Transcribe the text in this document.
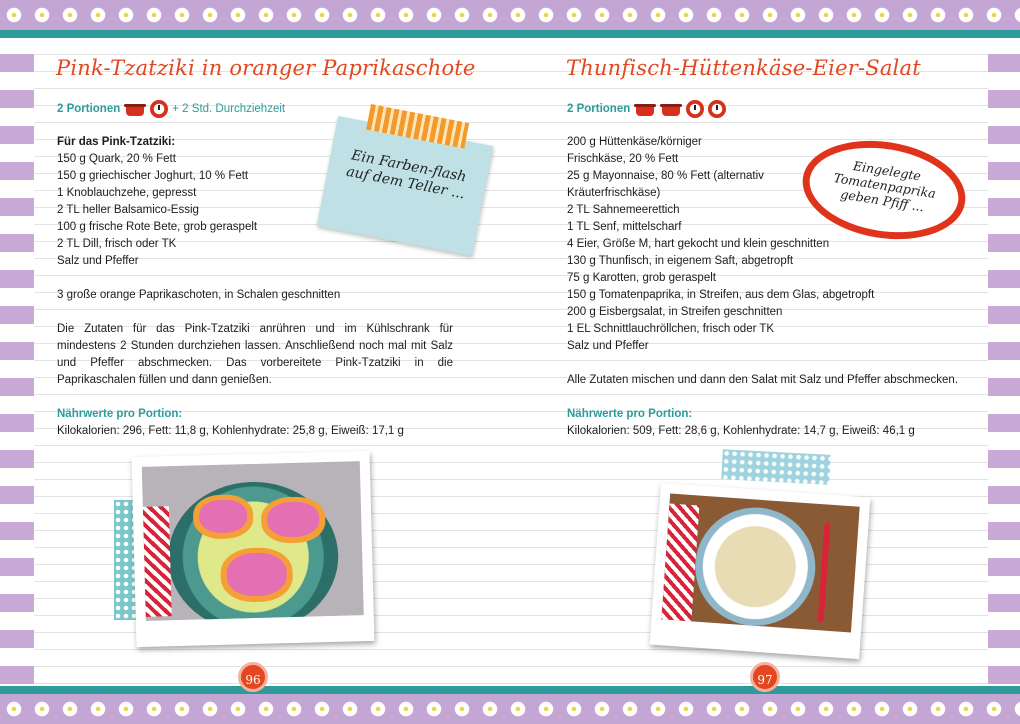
Pink-Tzatziki in oranger Paprikaschote
2 Portionen	+ 2 Std. Durchziehzeit
Für das Pink-Tzatziki:
150 g Quark, 20 % Fett
150 g griechischer Joghurt, 10 % Fett
1 Knoblauchzehe, gepresst
2 TL heller Balsamico-Essig
100 g frische Rote Bete, grob geraspelt
2 TL Dill, frisch oder TK
Salz und Pfeffer
3 große orange Paprikaschoten, in Schalen geschnitten
Die Zutaten für das Pink-Tzatziki anrühren und im Kühlschrank für mindestens 2 Stunden durchziehen lassen. Anschließend noch mal mit Salz und Pfeffer abschmecken. Das vorbereitete Pink-Tzatziki in die Paprikaschalen füllen und dann genießen.
Nährwerte pro Portion:
Kilokalorien: 296, Fett: 11,8 g, Kohlenhydrate: 25,8 g, Eiweiß: 17,1 g
Ein Farben-flash auf dem Teller ...
96
Thunfisch-Hüttenkäse-Eier-Salat
2 Portionen
200 g Hüttenkäse/körniger
Frischkäse, 20 % Fett
25 g Mayonnaise, 80 % Fett (alternativ
Kräuterfrischkäse)
2 TL Sahnemeerettich
1 TL Senf, mittelscharf
4 Eier, Größe M, hart gekocht und klein geschnitten
130 g Thunfisch, in eigenem Saft, abgetropft
75 g Karotten, grob geraspelt
150 g Tomatenpaprika, in Streifen, aus dem Glas, abgetropft
200 g Eisbergsalat, in Streifen geschnitten
1 EL Schnittlauchröllchen, frisch oder TK
Salz und Pfeffer
Alle Zutaten mischen und dann den Salat mit Salz und Pfeffer abschmecken.
Nährwerte pro Portion:
Kilokalorien: 509, Fett: 28,6 g, Kohlenhydrate: 14,7 g, Eiweiß: 46,1 g
Eingelegte Tomatenpaprika geben Pfiff ...
97
